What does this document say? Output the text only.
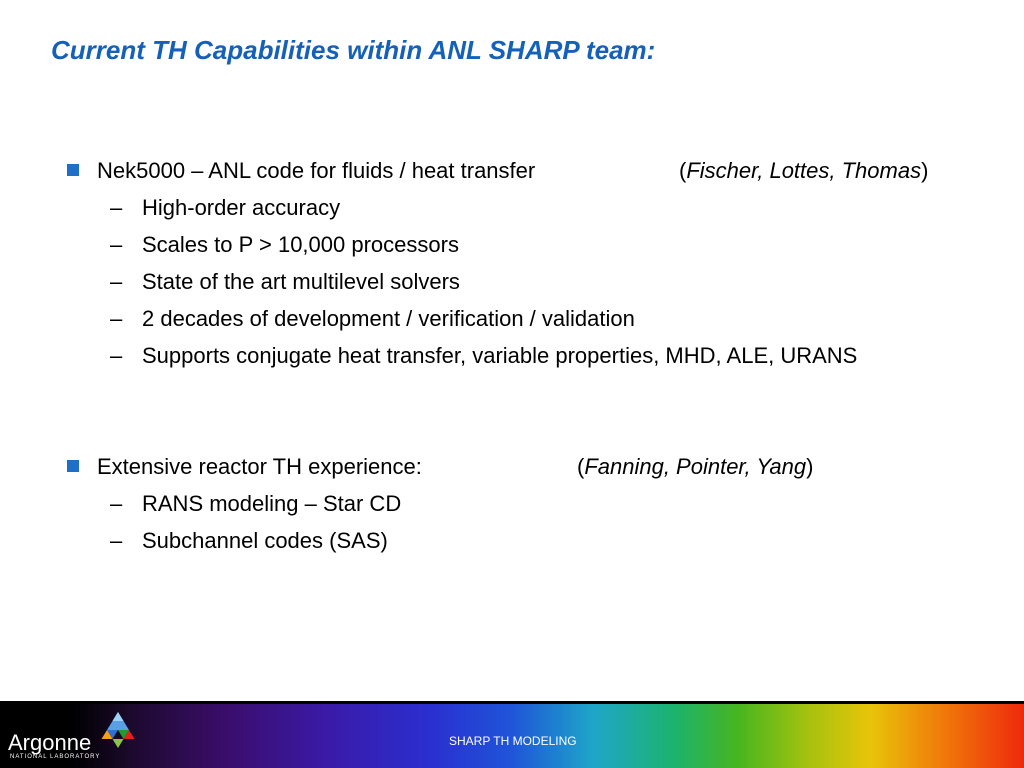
Current TH Capabilities within ANL SHARP team:
Nek5000 – ANL code for fluids / heat transfer	(Fischer, Lottes, Thomas)
– High-order accuracy
– Scales to P > 10,000 processors
– State of the art multilevel solvers
– 2 decades of development / verification / validation
– Supports conjugate heat transfer, variable properties, MHD, ALE, URANS
Extensive reactor TH experience:	(Fanning, Pointer, Yang)
– RANS modeling – Star CD
– Subchannel codes (SAS)
Argonne
NATIONAL LABORATORY
SHARP TH MODELING
